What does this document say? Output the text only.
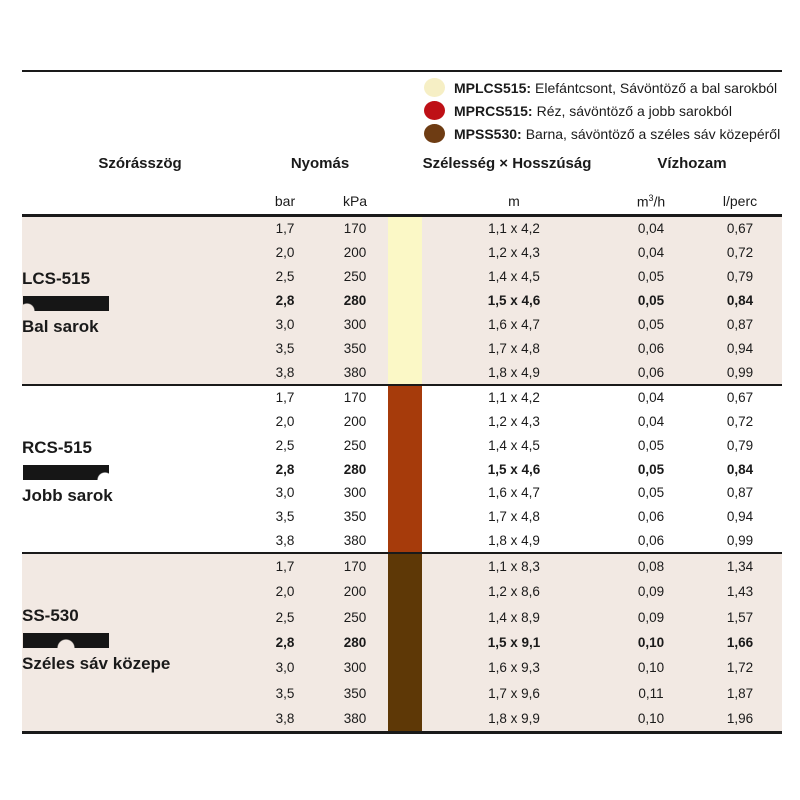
MPLCS515: Elefántcsont, Sávöntöző a bal sarokból
MPRCS515: Réz, sávöntöző a jobb sarokból
MPSS530: Barna, sávöntöző a széles sáv közepéről
Szórásszög	Nyomás	Szélesség × Hosszúság	Vízhozam
bar	kPa	m	$m^3/h$	l/perc
1,7	170	1,1 x 4,2	0,04	0,67
2,0	200	1,2 x 4,3	0,04	0,72
2,5	250	1,4 x 4,5	0,05	0,79
2,8	280	1,5 x 4,6	0,05	0,84
3,0	300	1,6 x 4,7	0,05	0,87
3,5	350	1,7 x 4,8	0,06	0,94
3,8	380	1,8 x 4,9	0,06	0,99
LCS-515
Bal sarok
1,7	170	1,1 x 4,2	0,04	0,67
2,0	200	1,2 x 4,3	0,04	0,72
2,5	250	1,4 x 4,5	0,05	0,79
2,8	280	1,5 x 4,6	0,05	0,84
3,0	300	1,6 x 4,7	0,05	0,87
3,5	350	1,7 x 4,8	0,06	0,94
3,8	380	1,8 x 4,9	0,06	0,99
RCS-515
Jobb sarok
1,7	170	1,1 x 8,3	0,08	1,34
2,0	200	1,2 x 8,6	0,09	1,43
2,5	250	1,4 x 8,9	0,09	1,57
2,8	280	1,5 x 9,1	0,10	1,66
3,0	300	1,6 x 9,3	0,10	1,72
3,5	350	1,7 x 9,6	0,11	1,87
3,8	380	1,8 x 9,9	0,10	1,96
SS-530
Széles sáv közepe
